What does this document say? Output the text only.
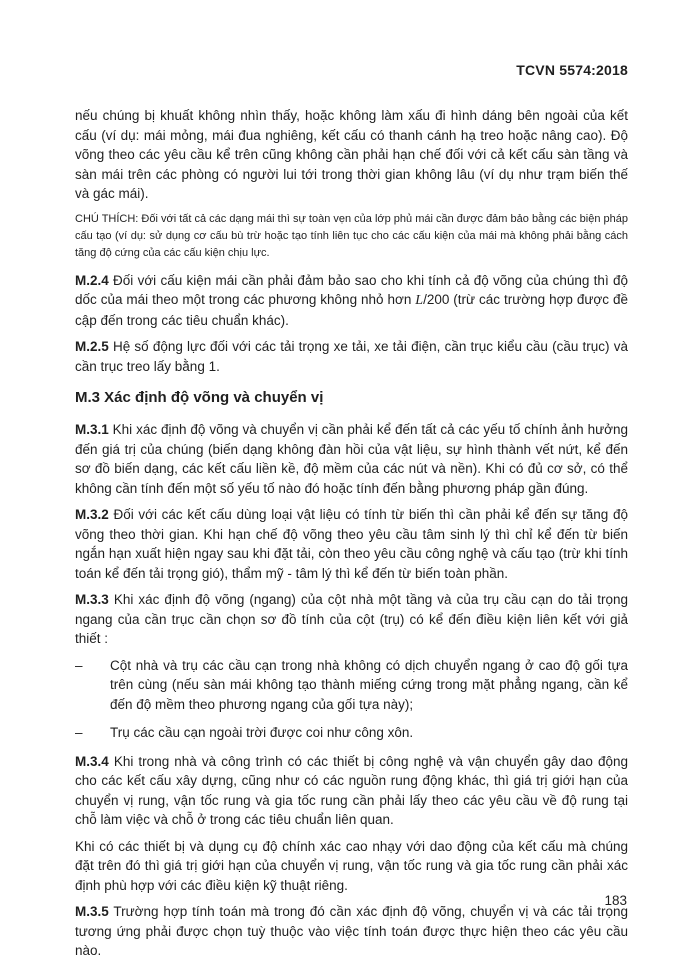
TCVN 5574:2018

nếu chúng bị khuất không nhìn thấy, hoặc không làm xấu đi hình dáng bên ngoài của kết cấu (ví dụ: mái mỏng, mái đua nghiêng, kết cấu có thanh cánh hạ treo hoặc nâng cao). Độ võng theo các yêu cầu kể trên cũng không cần phải hạn chế đối với cả kết cấu sàn tầng và sàn mái trên các phòng có người lui tới trong thời gian không lâu (ví dụ như trạm biến thế và gác mái).

CHÚ THÍCH: Đối với tất cả các dạng mái thì sự toàn vẹn của lớp phủ mái cần được đảm bảo bằng các biện pháp cấu tạo (ví dụ: sử dụng cơ cấu bù trừ hoặc tạo tính liên tục cho các cấu kiện của mái mà không phải bằng cách tăng độ cứng của các cấu kiện chịu lực.

M.2.4 Đối với cấu kiện mái cần phải đảm bảo sao cho khi tính cả độ võng của chúng thì độ dốc của mái theo một trong các phương không nhỏ hơn L/200 (trừ các trường hợp được đề cập đến trong các tiêu chuẩn khác).

M.2.5 Hệ số động lực đối với các tải trọng xe tải, xe tải điện, cần trục kiểu cầu (cầu trục) và cần trục treo lấy bằng 1.

M.3 Xác định độ võng và chuyển vị

M.3.1 Khi xác định độ võng và chuyển vị cần phải kể đến tất cả các yếu tố chính ảnh hưởng đến giá trị của chúng (biến dạng không đàn hồi của vật liệu, sự hình thành vết nứt, kể đến sơ đồ biến dạng, các kết cấu liền kề, độ mềm của các nút và nền). Khi có đủ cơ sở, có thể không cần tính đến một số yếu tố nào đó hoặc tính đến bằng phương pháp gần đúng.

M.3.2 Đối với các kết cấu dùng loại vật liệu có tính từ biến thì cần phải kể đến sự tăng độ võng theo thời gian. Khi hạn chế độ võng theo yêu cầu tâm sinh lý thì chỉ kể đến từ biến ngắn hạn xuất hiện ngay sau khi đặt tải, còn theo yêu cầu công nghệ và cấu tạo (trừ khi tính toán kể đến tải trọng gió), thẩm mỹ - tâm lý thì kể đến từ biến toàn phần.

M.3.3 Khi xác định độ võng (ngang) của cột nhà một tầng và của trụ cầu cạn do tải trọng ngang của cần trục cần chọn sơ đồ tính của cột (trụ) có kể đến điều kiện liên kết với giả thiết :

–	Cột nhà và trụ các cầu cạn trong nhà không có dịch chuyển ngang ở cao độ gối tựa trên cùng (nếu sàn mái không tạo thành miếng cứng trong mặt phẳng ngang, cần kể đến độ mềm theo phương ngang của gối tựa này);
–	Trụ các cầu cạn ngoài trời được coi như công xôn.

M.3.4 Khi trong nhà và công trình có các thiết bị công nghệ và vận chuyển gây dao động cho các kết cấu xây dựng, cũng như có các nguồn rung động khác, thì giá trị giới hạn của chuyển vị rung, vận tốc rung và gia tốc rung cần phải lấy theo các yêu cầu về độ rung tại chỗ làm việc và chỗ ở trong các tiêu chuẩn liên quan.

Khi có các thiết bị và dụng cụ độ chính xác cao nhạy với dao động của kết cấu mà chúng đặt trên đó thì giá trị giới hạn của chuyển vị rung, vận tốc rung và gia tốc rung cần phải xác định phù hợp với các điều kiện kỹ thuật riêng.

M.3.5 Trường hợp tính toán mà trong đó cần xác định độ võng, chuyển vị và các tải trọng tương ứng phải được chọn tuỳ thuộc vào việc tính toán được thực hiện theo các yêu cầu nào.

183
